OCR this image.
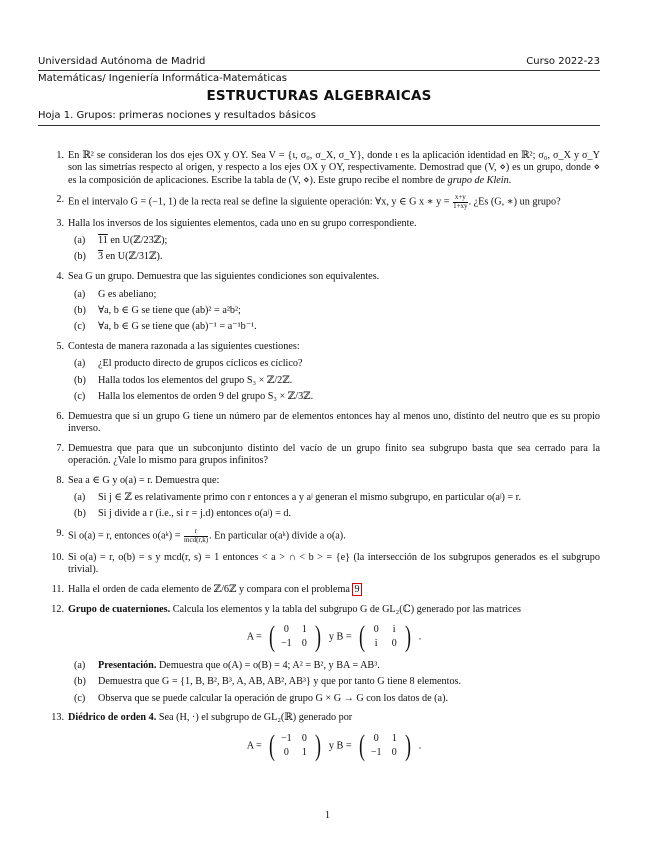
Universidad Autónoma de Madrid	Curso 2022-23
Matemáticas/ Ingeniería Informática-Matemáticas
ESTRUCTURAS ALGEBRAICAS
Hoja 1. Grupos: primeras nociones y resultados básicos
1. En ℝ² se consideran los dos ejes OX y OY. Sea V = {ι, σ₀, σ_X, σ_Y}, donde ι es la aplicación identidad en ℝ²; σ₀, σ_X y σ_Y son las simetrías respecto al origen, y respecto a los ejes OX y OY, respectivamente. Demostrad que (V, ⋄) es un grupo, donde ⋄ es la composición de aplicaciones. Escribe la tabla de (V, ⋄). Este grupo recibe el nombre de grupo de Klein.
2. En el intervalo G = (−1, 1) de la recta real se define la siguiente operación: ∀x, y ∈ G x ∗ $y = \frac{x+y}{1+xy}$ . ¿Es (G, ∗) un grupo?
3. Halla los inversos de los siguientes elementos, cada uno en su grupo correspondiente.
(a) 11 en U(ℤ/23ℤ);
(b) 3 en U(ℤ/31ℤ).
4. Sea G un grupo. Demuestra que las siguientes condiciones son equivalentes.
(a) G es abeliano;
(b) ∀a, b ∈ G se tiene que (ab)² = a²b²;
(c) ∀a, b ∈ G se tiene que (ab)⁻¹ = a⁻¹b⁻¹.
5. Contesta de manera razonada a las siguientes cuestiones:
(a) ¿El producto directo de grupos cíclicos es cíclico?
(b) Halla todos los elementos del grupo S₃ × ℤ/2ℤ.
(c) Halla los elementos de orden 9 del grupo S₃ × ℤ/3ℤ.
6. Demuestra que si un grupo G tiene un número par de elementos entonces hay al menos uno, distinto del neutro que es su propio inverso.
7. Demuestra que para que un subconjunto distinto del vacío de un grupo finito sea subgrupo basta que sea cerrado para la operación. ¿Vale lo mismo para grupos infinitos?
8. Sea a ∈ G y o(a) = r. Demuestra que:
(a) Si j ∈ ℤ es relativamente primo con r entonces a y aʲ generan el mismo subgrupo, en particular o(aʲ) = r.
(b) Si j divide a r (i.e., si r = j.d) entonces o(aʲ) = d.
9. Si o(a) = r, entonces o(aᵏ) = $\frac{r}{\text{mcd(r,k)}}$ . En particular o(aᵏ) divide a o(a).
10. Si o(a) = r, o(b) = s y mcd(r, s) = 1 entonces < a > ∩ < b > = {e} (la intersección de los subgrupos generados es el subgrupo trivial).
11. Halla el orden de cada elemento de ℤ/6ℤ y compara con el problema 9
12. Grupo de cuaterniones. Calcula los elementos y la tabla del subgrupo G de GL₂(ℂ) generado por las matrices
A = ( 0	1
−1	0 ) y B = ( 0	i
i	0 ) .
(a) Presentación. Demuestra que o(A) = o(B) = 4; A² = B², y BA = AB³.
(b) Demuestra que G = {1, B, B², B³, A, AB, AB², AB³} y que por tanto G tiene 8 elementos.
(c) Observa que se puede calcular la operación de grupo G × G → G con los datos de (a).
13. Diédrico de orden 4. Sea (H, ·) el subgrupo de GL₂(ℝ) generado por
A = ( −1	0
0	1 ) y B = ( 0	1
−1	0 ) .
1
